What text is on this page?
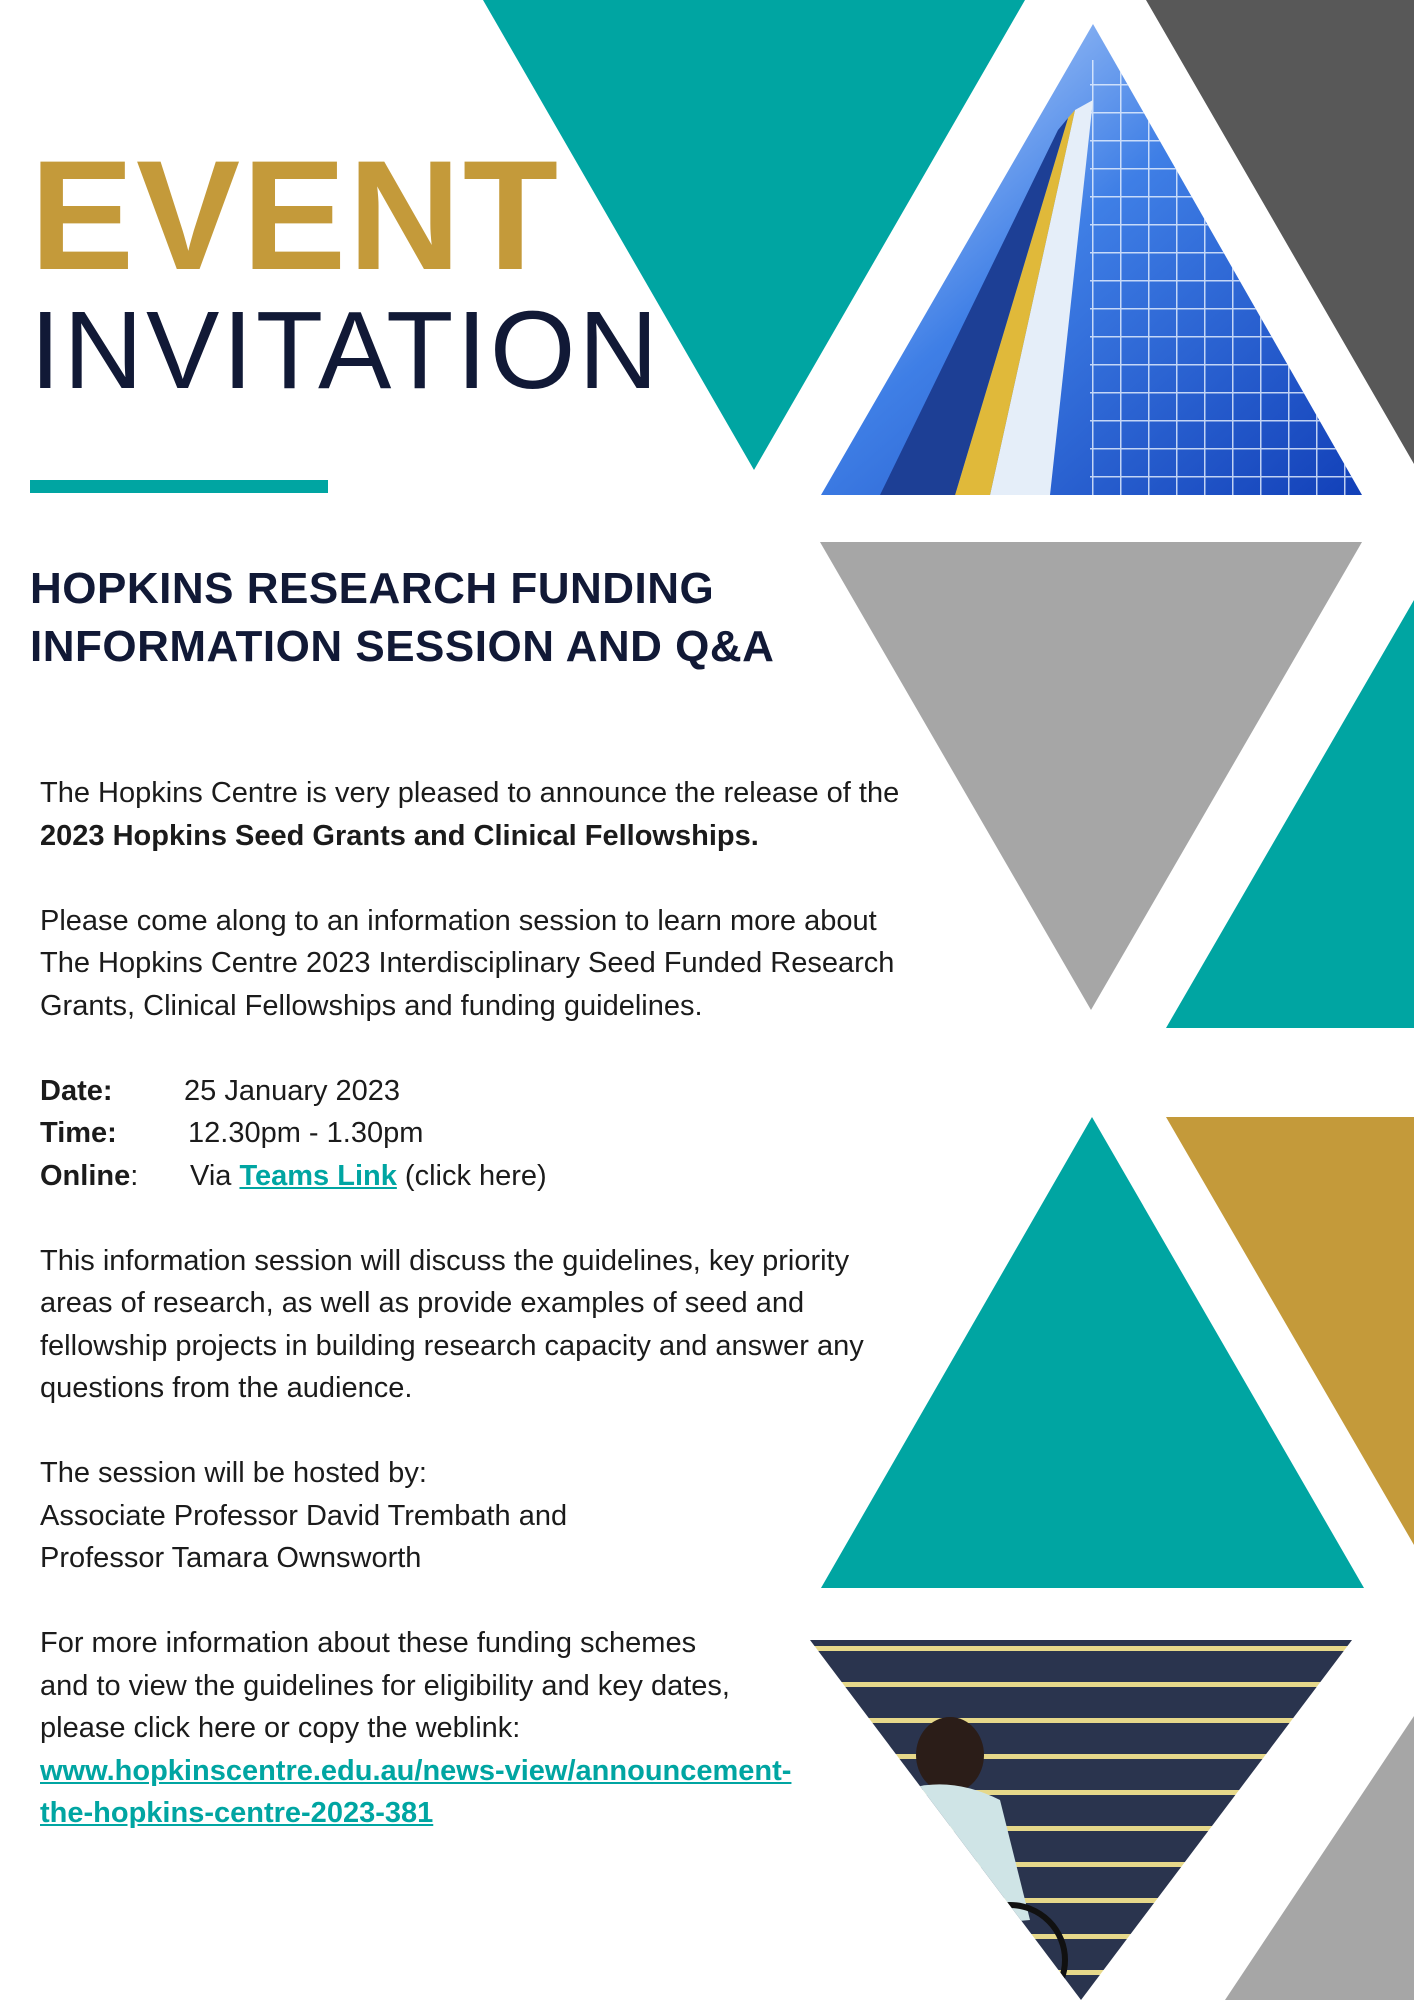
EVENT
INVITATION
HOPKINS RESEARCH FUNDING
INFORMATION SESSION AND Q&A

The Hopkins Centre is very pleased to announce the release of the 2023 Hopkins Seed Grants and Clinical Fellowships.

Please come along to an information session to learn more about The Hopkins Centre 2023 Interdisciplinary Seed Funded Research Grants, Clinical Fellowships and funding guidelines.

Date:	25 January 2023
Time:	12.30pm - 1.30pm
Online:	Via Teams Link (click here)

This information session will discuss the guidelines, key priority areas of research, as well as provide examples of seed and fellowship projects in building research capacity and answer any questions from the audience.

The session will be hosted by:
Associate Professor David Trembath and
Professor Tamara Ownsworth

For more information about these funding schemes
and to view the guidelines for eligibility and key dates,
please click here or copy the weblink:
www.hopkinscentre.edu.au/news-view/announcement-
the-hopkins-centre-2023-381
